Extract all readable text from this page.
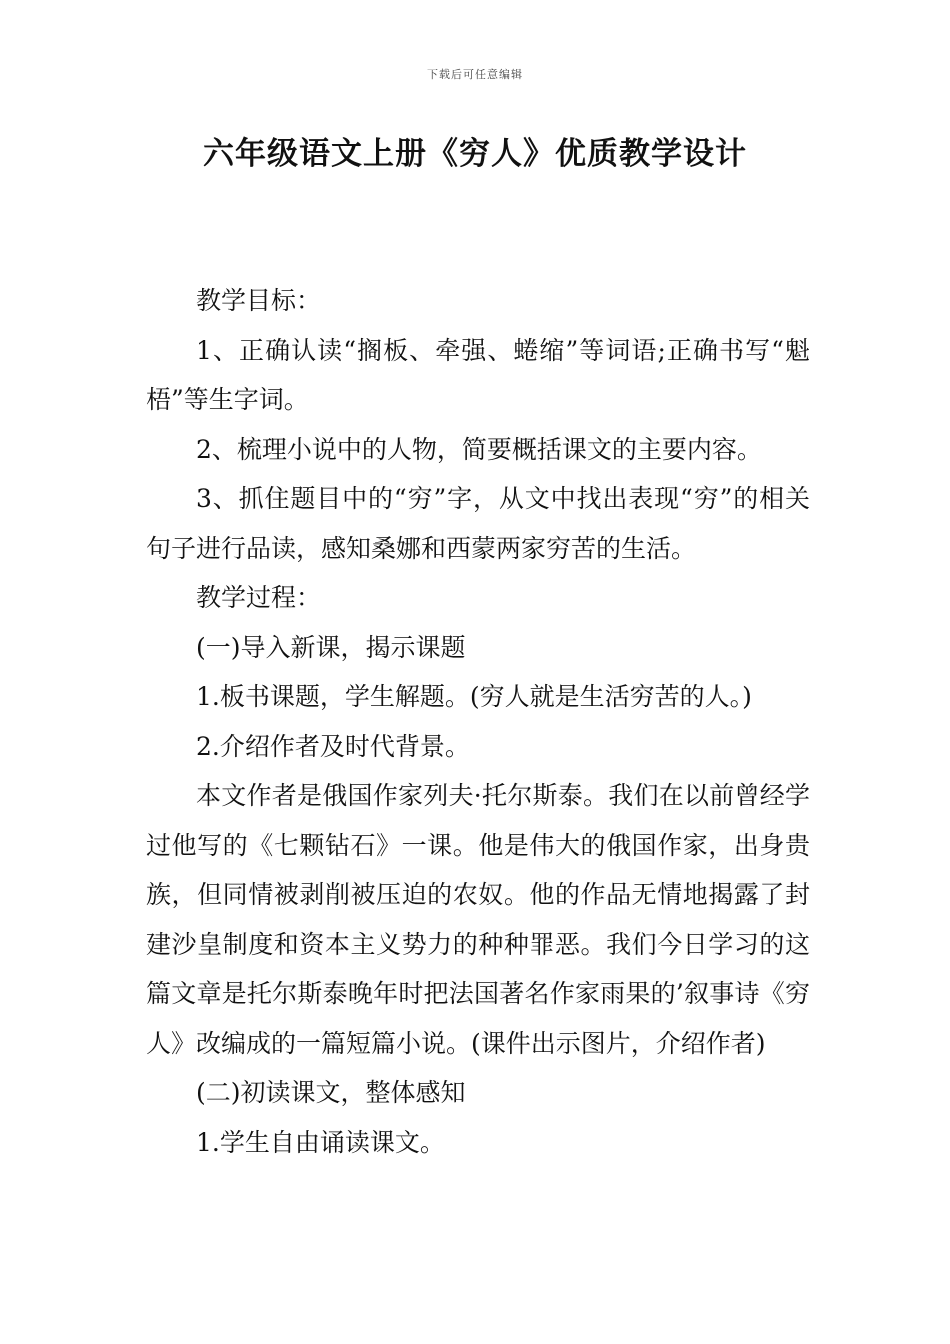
下载后可任意编辑
六年级语文上册《穷人》优质教学设计

教学目标：

1、正确认读“搁板、牵强、蜷缩”等词语;正确书写“魁梧”等生字词。

2、梳理小说中的人物，简要概括课文的主要内容。

3、抓住题目中的“穷”字，从文中找出表现“穷”的相关句子进行品读，感知桑娜和西蒙两家穷苦的生活。

教学过程：

(一)导入新课，揭示课题

1.板书课题，学生解题。(穷人就是生活穷苦的人。)

2.介绍作者及时代背景。

本文作者是俄国作家列夫·托尔斯泰。我们在以前曾经学过他写的《七颗钻石》一课。他是伟大的俄国作家，出身贵族，但同情被剥削被压迫的农奴。他的作品无情地揭露了封建沙皇制度和资本主义势力的种种罪恶。我们今日学习的这篇文章是托尔斯泰晚年时把法国著名作家雨果的’叙事诗《穷人》改编成的一篇短篇小说。(课件出示图片，介绍作者)

(二)初读课文，整体感知

1.学生自由诵读课文。
